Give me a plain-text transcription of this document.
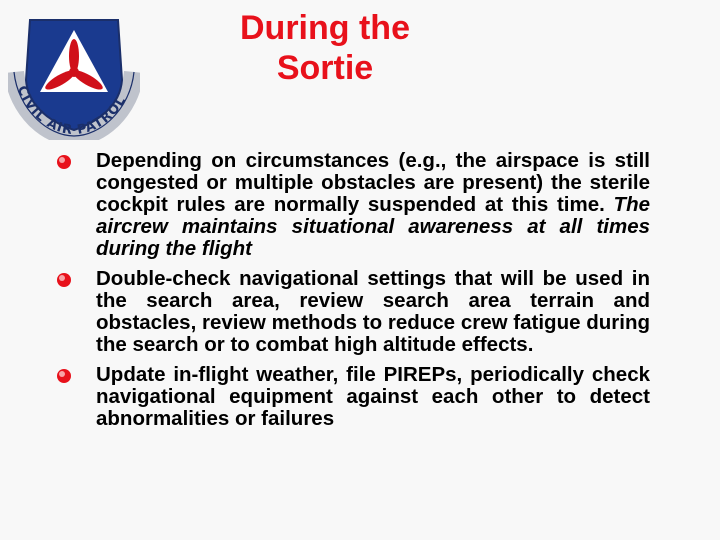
CIVIL AIR PATROL
During the
Sortie
Depending on circumstances (e.g., the airspace is still congested or multiple obstacles are present) the sterile cockpit rules are normally suspended at this time. The aircrew maintains situational awareness at all times during the flight
Double-check navigational settings that will be used in the search area, review search area terrain and obstacles, review methods to reduce crew fatigue during the search or to combat high altitude effects.
Update in-flight weather, file PIREPs, periodically check navigational equipment against each other to detect abnormalities or failures
